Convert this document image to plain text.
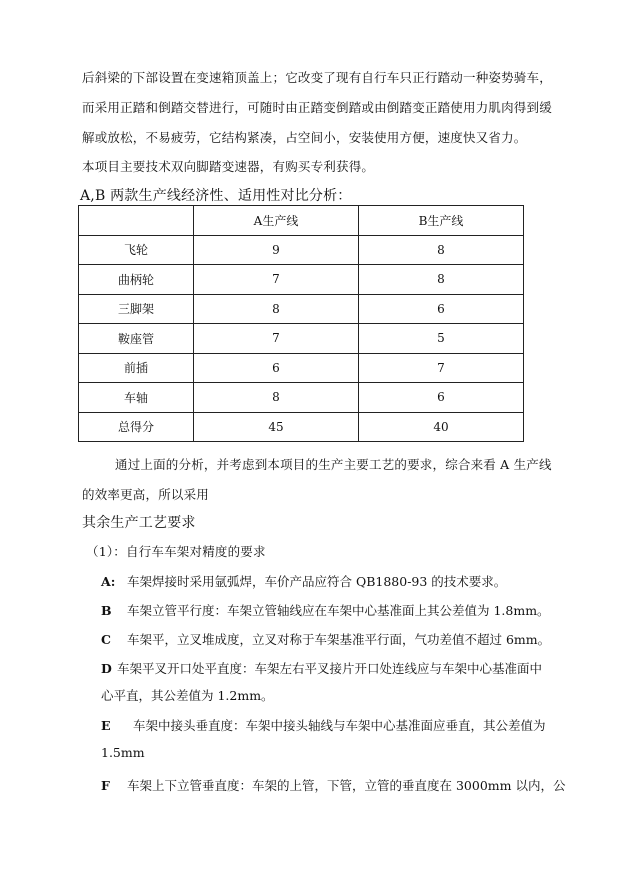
后斜梁的下部设置在变速箱顶盖上；它改变了现有自行车只正行踏动一种姿势骑车，
而采用正踏和倒踏交替进行，可随时由正踏变倒踏或由倒踏变正踏使用力肌肉得到缓
解或放松，不易疲劳，它结构紧凑，占空间小，安装使用方便，速度快又省力。
本项目主要技术双向脚踏变速器，有购买专利获得。
A,B 两款生产线经济性、适用性对比分析：
	A生产线	B生产线
飞轮	9	8
曲柄轮	7	8
三脚架	8	6
鞍座管	7	5
前插	6	7
车轴	8	6
总得分	45	40
通过上面的分析，并考虑到本项目的生产主要工艺的要求，综合来看 A 生产线
的效率更高，所以采用
其余生产工艺要求
（1）：自行车车架对精度的要求
A: 车架焊接时采用氩弧焊，车价产品应符合 QB1880-93 的技术要求。
B 车架立管平行度：车架立管轴线应在车架中心基准面上其公差值为 1.8mm。
C 车架平，立叉堆成度，立叉对称于车架基准平行面，气功差值不超过 6mm。
D 车架平叉开口处平直度：车架左右平叉接片开口处连线应与车架中心基准面中
心平直，其公差值为 1.2mm。
E 车架中接头垂直度：车架中接头轴线与车架中心基准面应垂直，其公差值为
1.5mm
F 车架上下立管垂直度：车架的上管，下管，立管的垂直度在 3000mm 以内，公
